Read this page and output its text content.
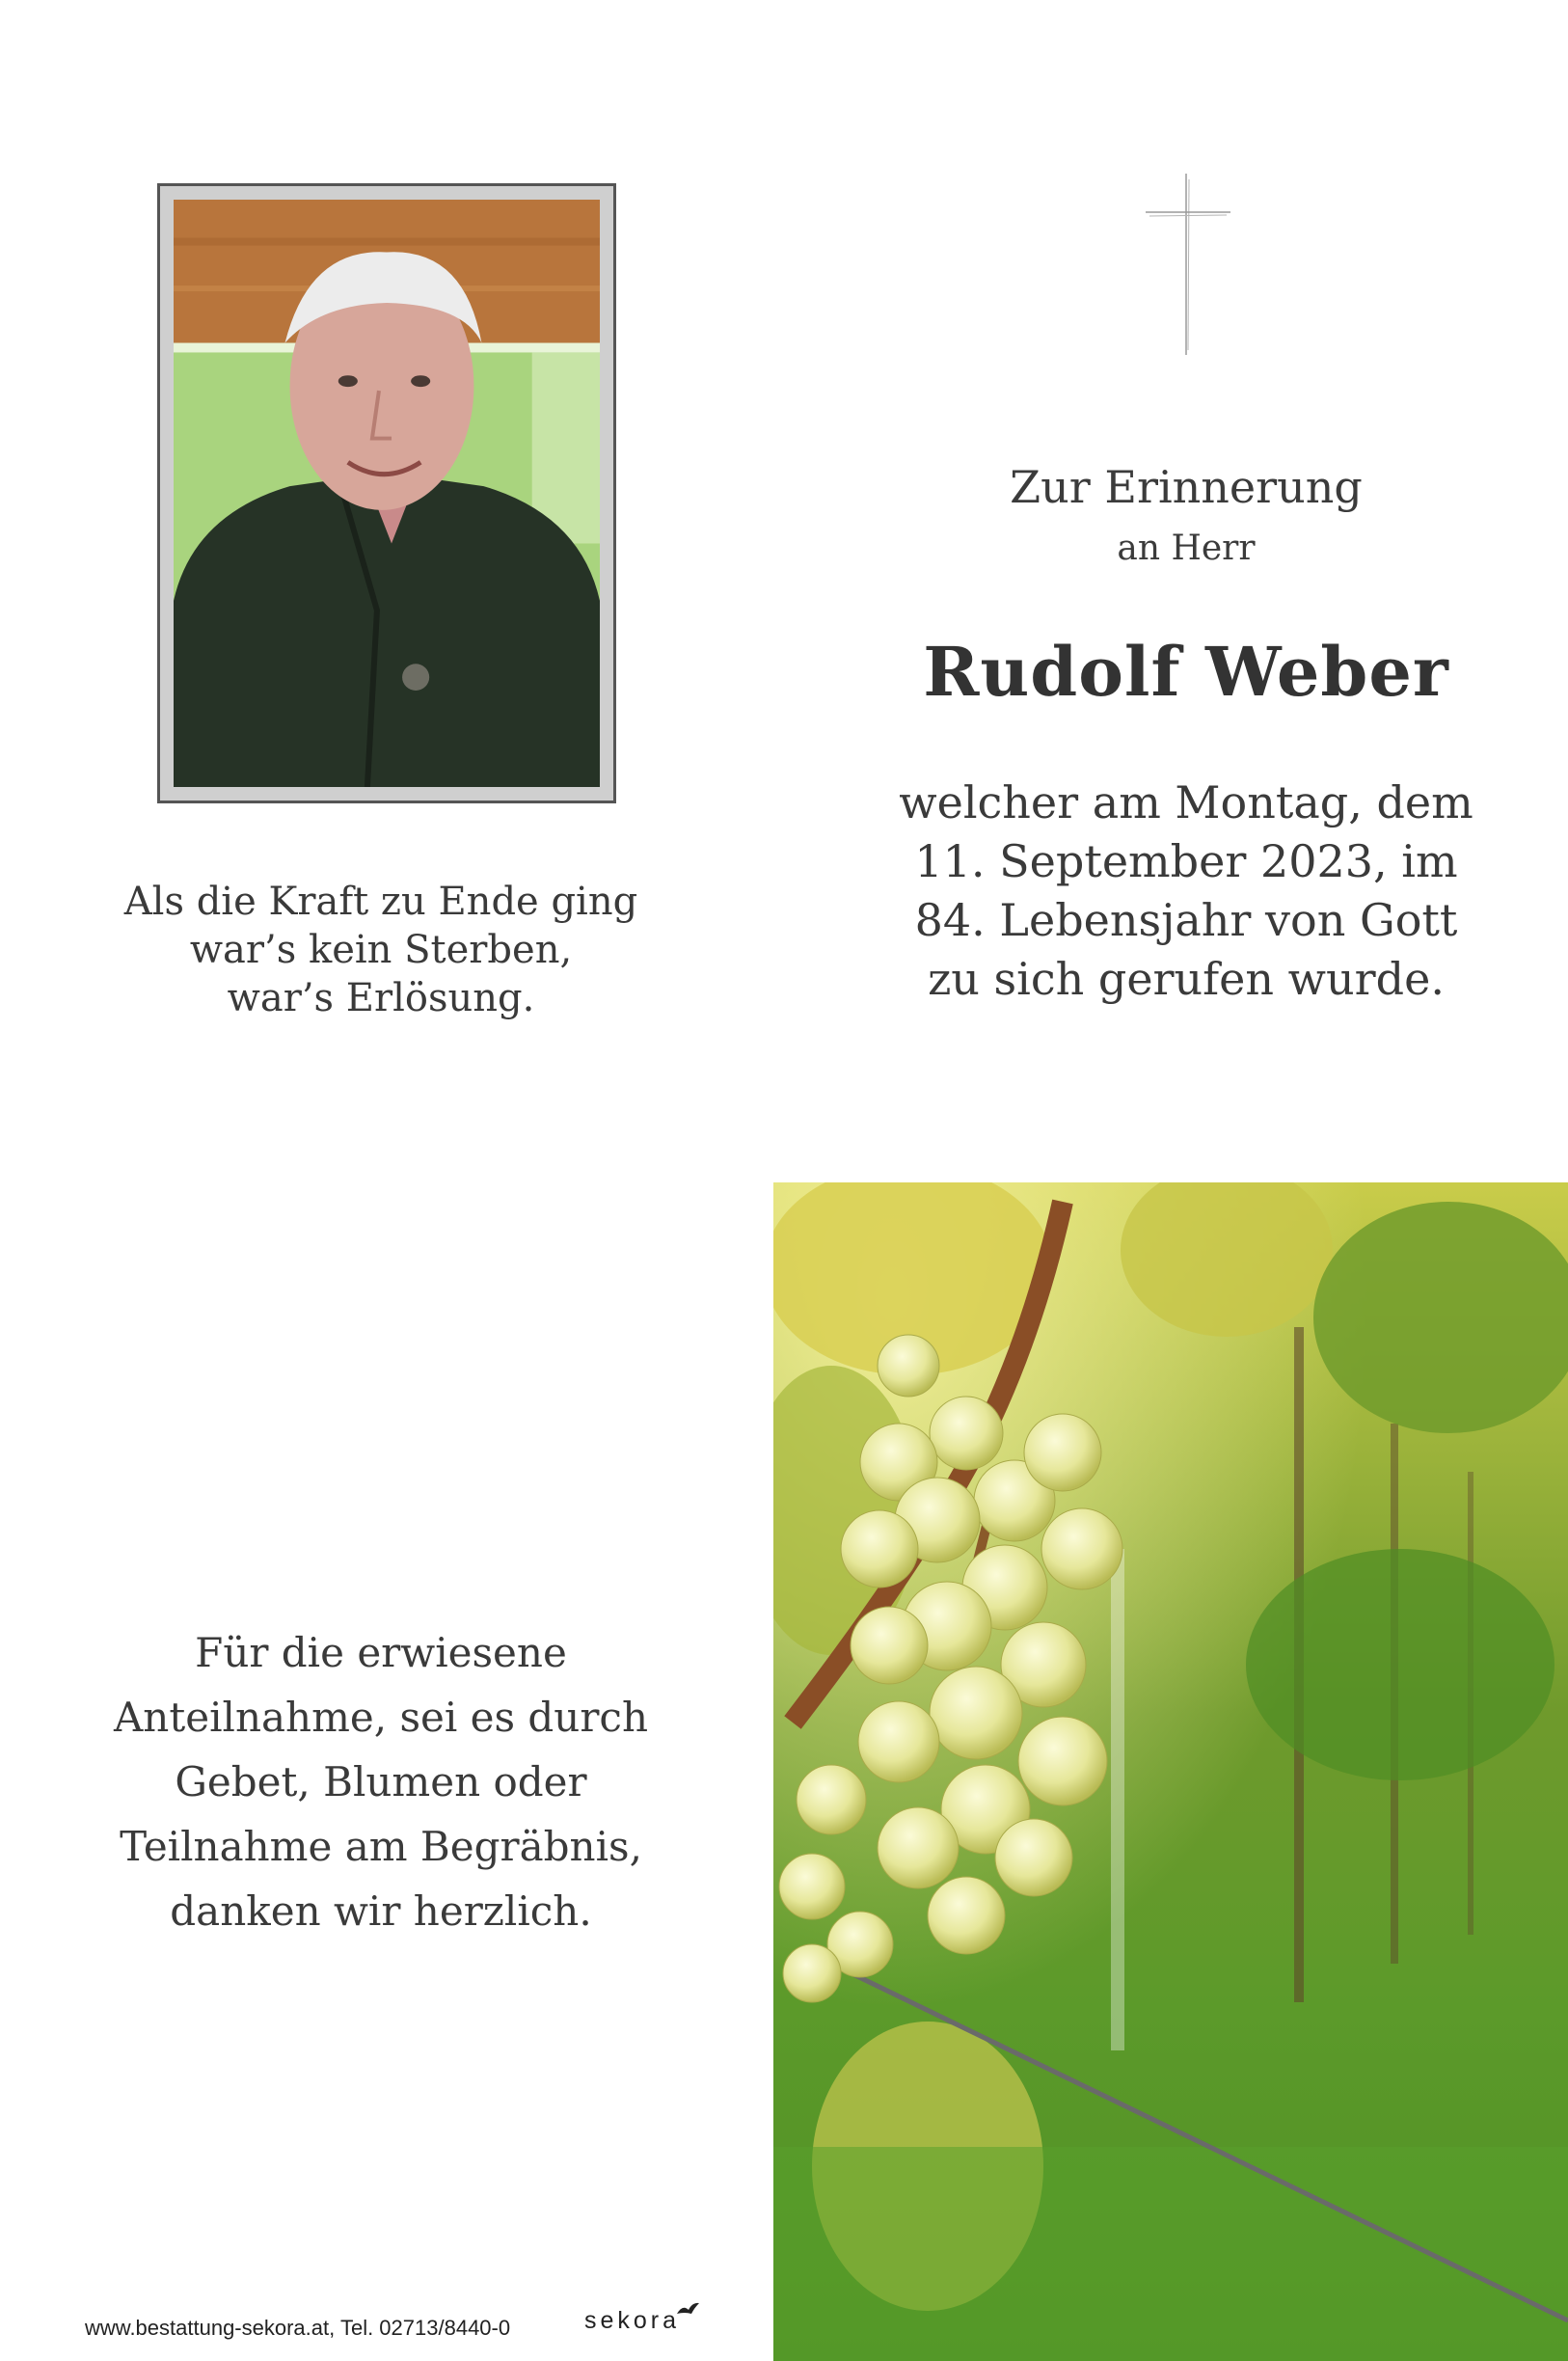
Zur Erinnerung
an Herr
Rudolf Weber
welcher am Montag, dem
11. September 2023, im
84. Lebensjahr von Gott
zu sich gerufen wurde.
Als die Kraft zu Ende ging
war’s kein Sterben,
war’s Erlösung.
Für die erwiesene
Anteilnahme, sei es durch
Gebet, Blumen oder
Teilnahme am Begräbnis,
danken wir herzlich.
www.bestattung-sekora.at, Tel. 02713/8440-0	sekora
